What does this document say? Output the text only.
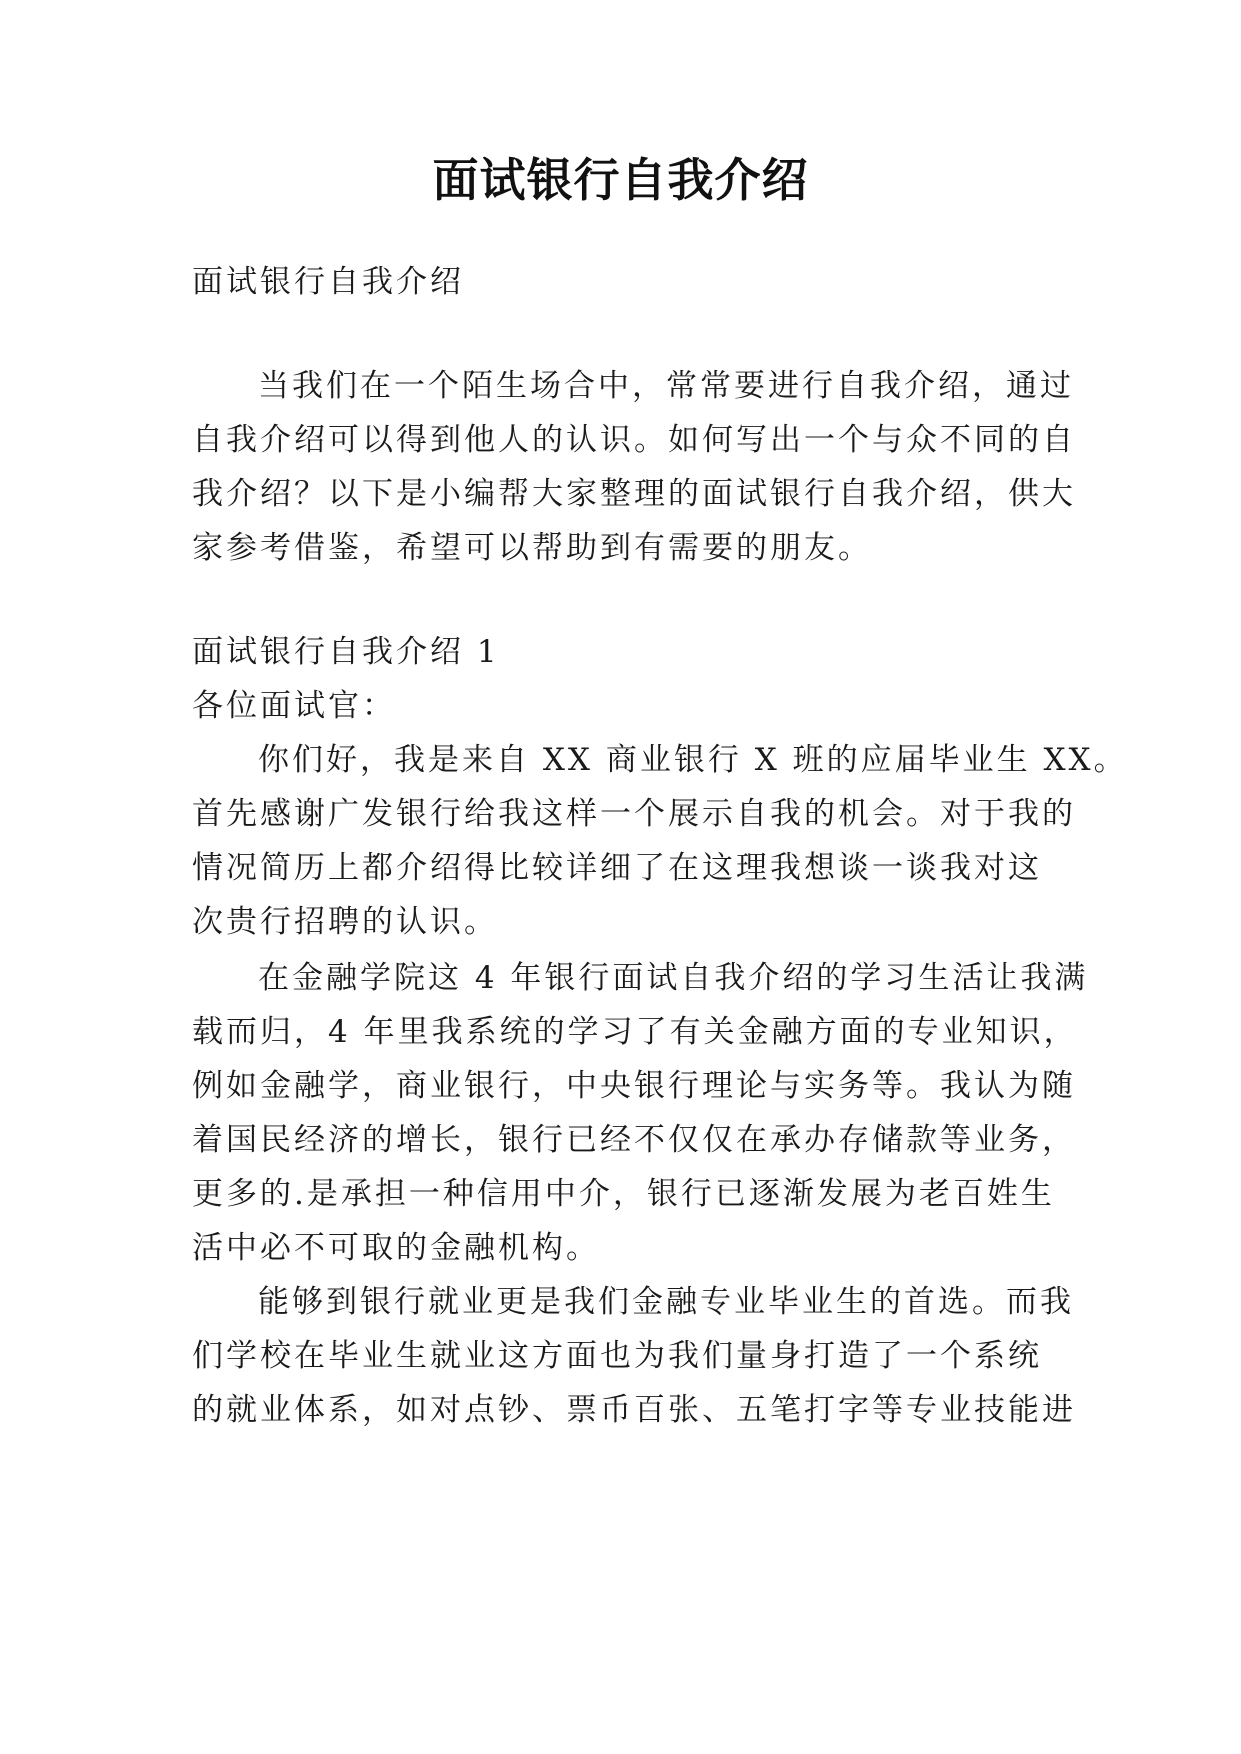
面试银行自我介绍
面试银行自我介绍
当我们在一个陌生场合中，常常要进行自我介绍，通过
自我介绍可以得到他人的认识。如何写出一个与众不同的自
我介绍？以下是小编帮大家整理的面试银行自我介绍，供大
家参考借鉴，希望可以帮助到有需要的朋友。
面试银行自我介绍 1
各位面试官：
你们好，我是来自 XX 商业银行 X 班的应届毕业生 XX。
首先感谢广发银行给我这样一个展示自我的机会。对于我的
情况简历上都介绍得比较详细了在这理我想谈一谈我对这
次贵行招聘的认识。
在金融学院这 4 年银行面试自我介绍的学习生活让我满
载而归，4 年里我系统的学习了有关金融方面的专业知识，
例如金融学，商业银行，中央银行理论与实务等。我认为随
着国民经济的增长，银行已经不仅仅在承办存储款等业务，
更多的.是承担一种信用中介，银行已逐渐发展为老百姓生
活中必不可取的金融机构。
能够到银行就业更是我们金融专业毕业生的首选。而我
们学校在毕业生就业这方面也为我们量身打造了一个系统
的就业体系，如对点钞、票币百张、五笔打字等专业技能进
